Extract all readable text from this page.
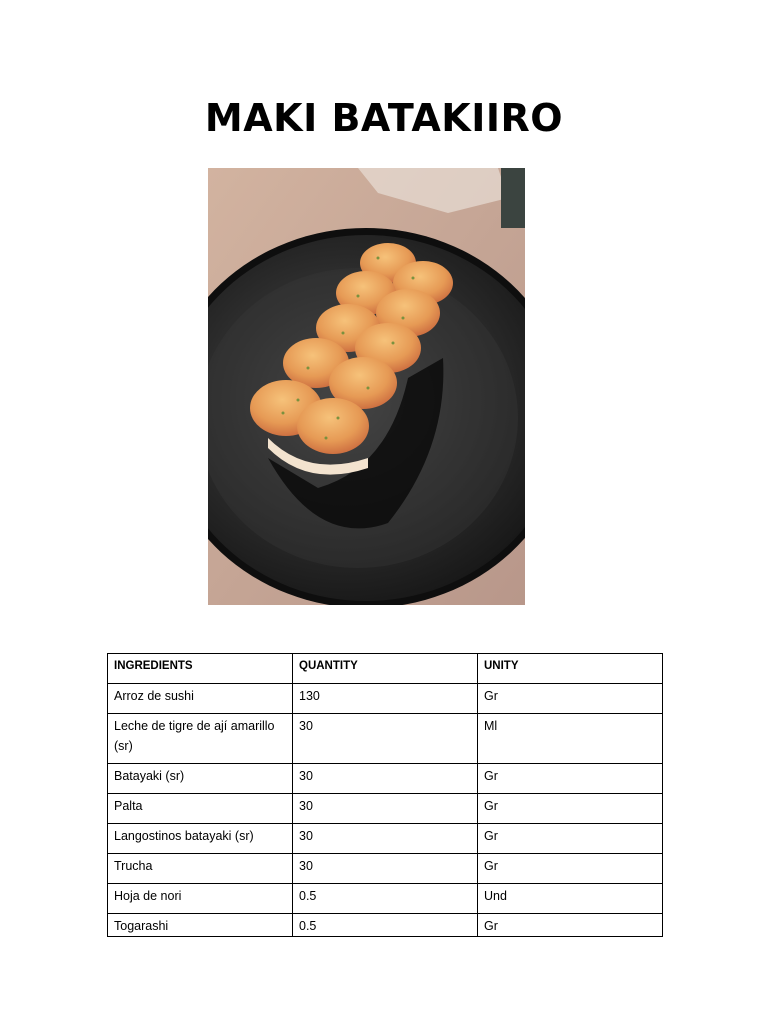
MAKI BATAKIIRO
INGREDIENTS	QUANTITY	UNITY
Arroz de sushi	130	Gr
Leche de tigre de ají amarillo (sr)	30	Ml
Batayaki (sr)	30	Gr
Palta	30	Gr
Langostinos batayaki (sr)	30	Gr
Trucha	30	Gr
Hoja de nori	0.5	Und
Togarashi	0.5	Gr
